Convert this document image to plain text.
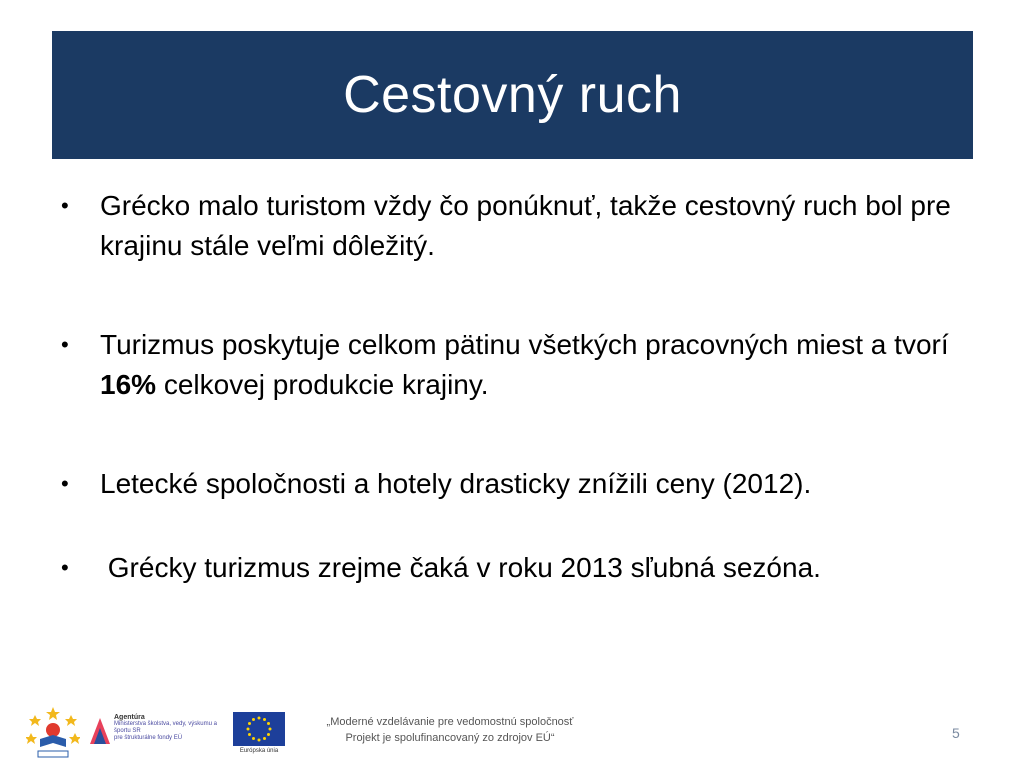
Cestovný ruch
• Grécko malo turistom vždy čo ponúknuť, takže cestovný ruch bol pre krajinu stále veľmi dôležitý.
• Turizmus poskytuje celkom pätinu všetkých pracovných miest a tvorí 16% celkovej produkcie krajiny.
• Letecké spoločnosti a hotely drasticky znížili ceny (2012).
• Grécky turizmus zrejme čaká v roku 2013 sľubná sezóna.
Agentúra
Ministerstva školstva, vedy, výskumu a športu SR
pre štrukturálne fondy EÚ
Európska únia
„Moderné vzdelávanie pre vedomostnú spoločnosť
Projekt je spolufinancovaný zo zdrojov EÚ“	5
